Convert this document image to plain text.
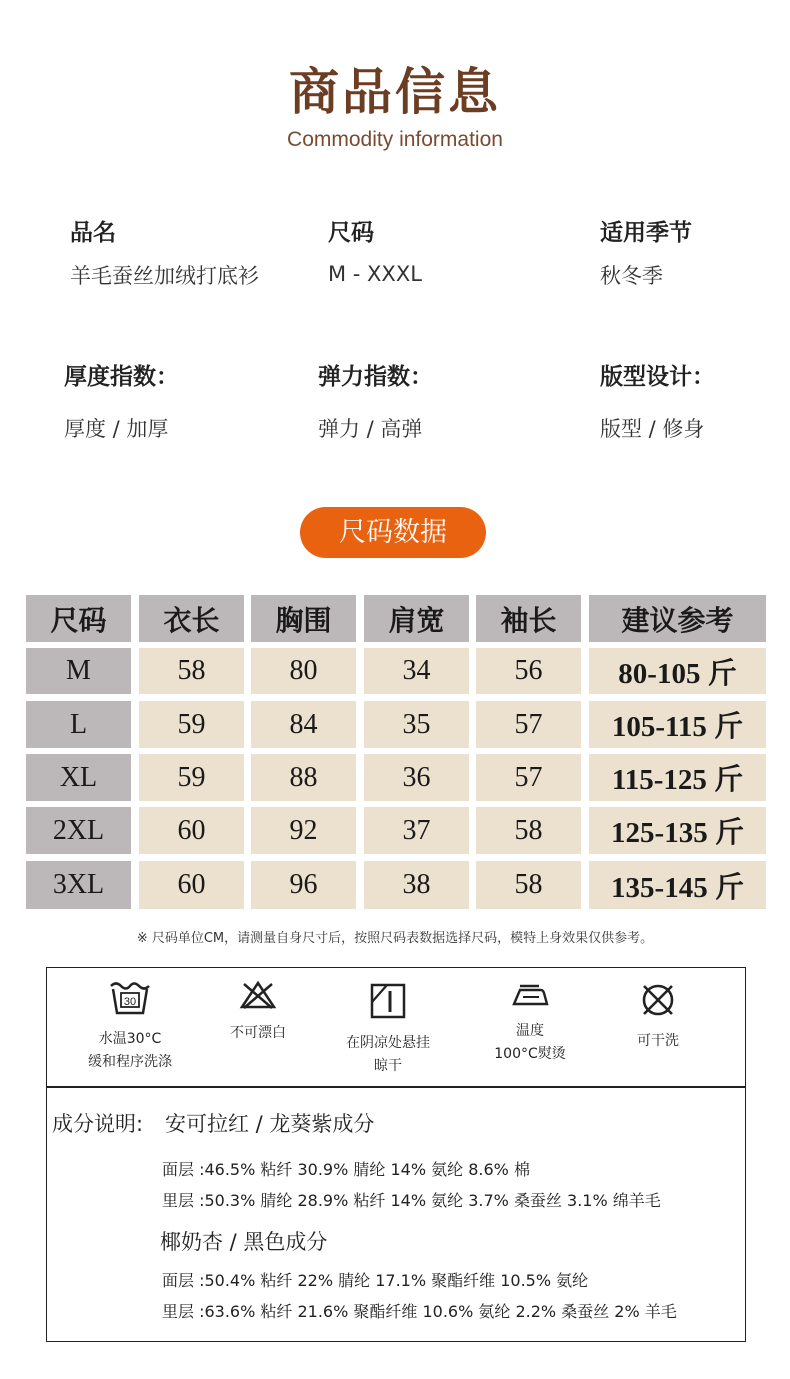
商品信息
Commodity information
品名
羊毛蚕丝加绒打底衫
尺码
M - XXXL
适用季节
秋冬季
厚度指数：
厚度 / 加厚
弹力指数：
弹力 / 高弹
版型设计：
版型 / 修身
尺码数据
尺码	衣长	胸围	肩宽	袖长	建议参考
M	58	80	34	56	80-105 斤
L	59	84	35	57	105-115 斤
XL	59	88	36	57	115-125 斤
2XL	60	92	37	58	125-135 斤
3XL	60	96	38	58	135-145 斤
※ 尺码单位CM，请测量自身尺寸后，按照尺码表数据选择尺码，模特上身效果仅供参考。
30
水温30°C
缓和程序洗涤
不可漂白
在阴凉处悬挂
晾干
温度
100°C熨烫
可干洗
成分说明: 安可拉红 / 龙葵紫成分
面层 :46.5% 粘纤 30.9% 腈纶 14% 氨纶 8.6% 棉
里层 :50.3% 腈纶 28.9% 粘纤 14% 氨纶 3.7% 桑蚕丝 3.1% 绵羊毛
椰奶杏 / 黑色成分
面层 :50.4% 粘纤 22% 腈纶 17.1% 聚酯纤维 10.5% 氨纶
里层 :63.6% 粘纤 21.6% 聚酯纤维 10.6% 氨纶 2.2% 桑蚕丝 2% 羊毛
